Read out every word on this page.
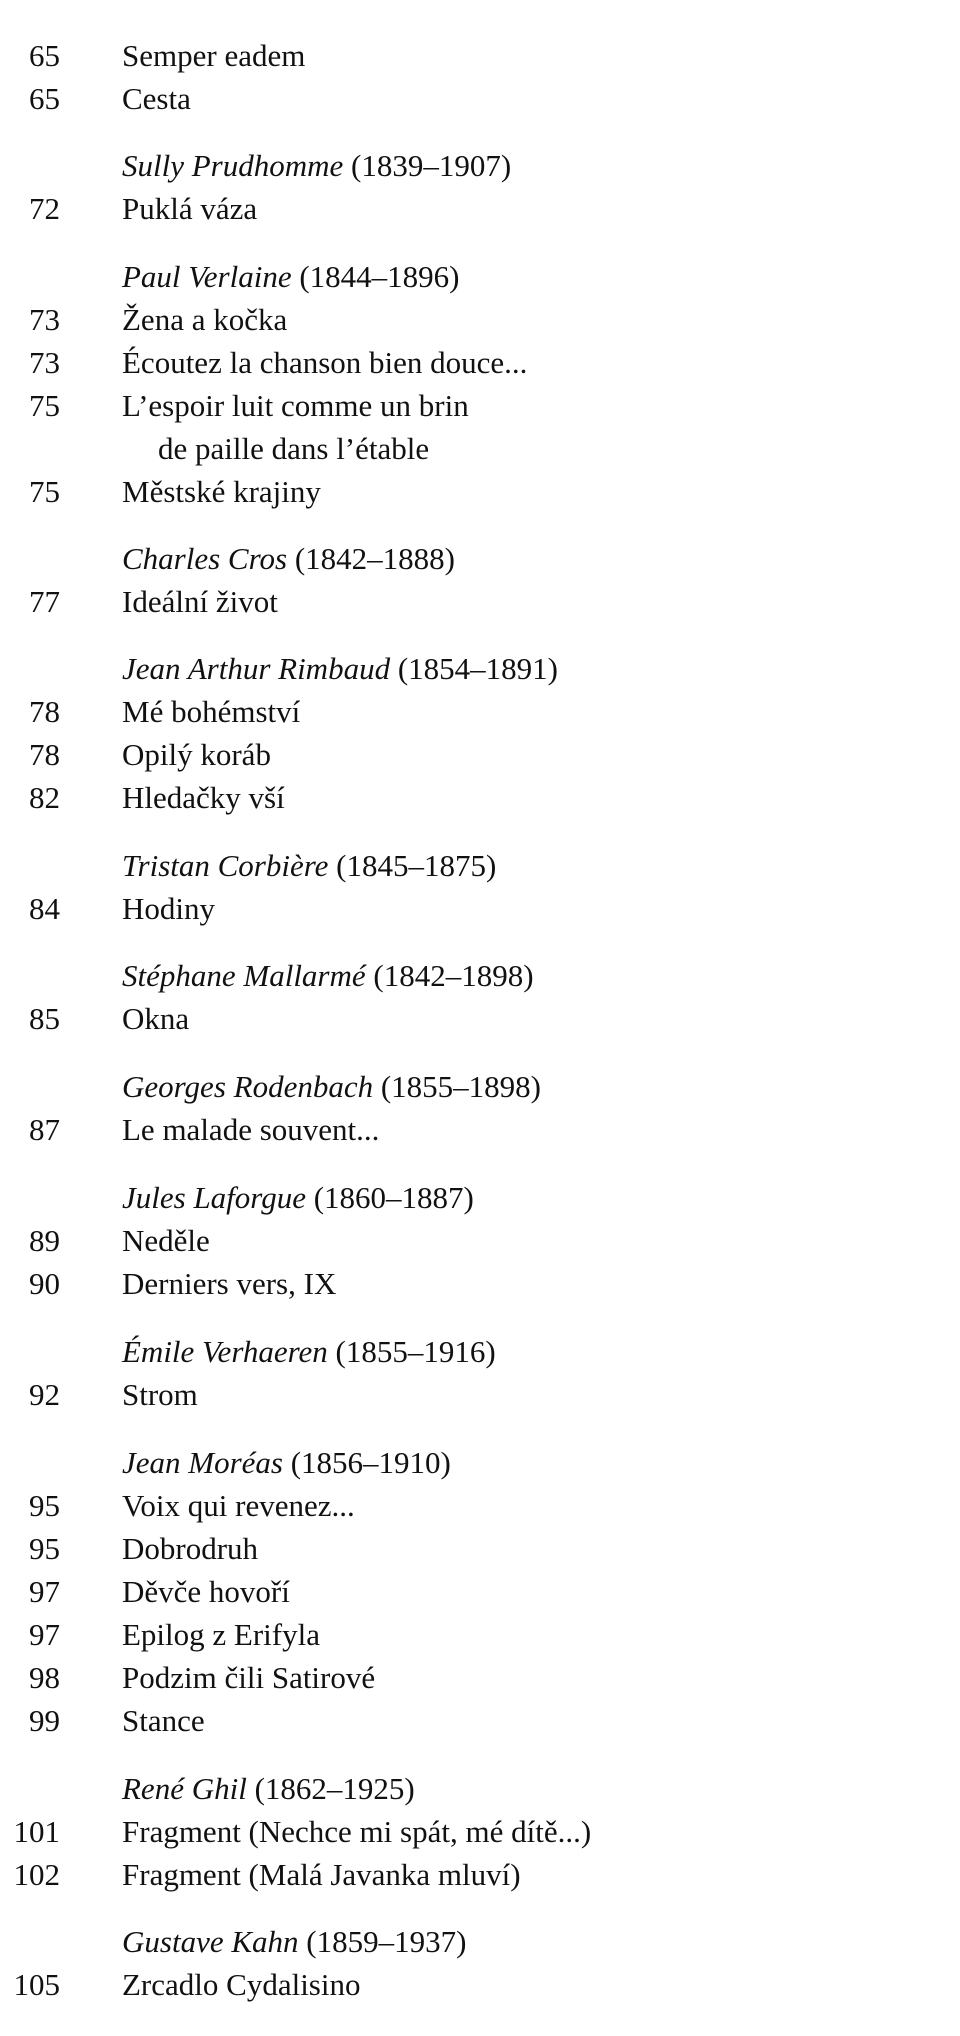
65 Semper eadem
65 Cesta
Sully Prudhomme (1839–1907)
72 Puklá váza
Paul Verlaine (1844–1896)
73 Žena a kočka
73 Écoutez la chanson bien douce...
75 L’espoir luit comme un brin
de paille dans l’étable
75 Městské krajiny
Charles Cros (1842–1888)
77 Ideální život
Jean Arthur Rimbaud (1854–1891)
78 Mé bohémství
78 Opilý koráb
82 Hledačky vší
Tristan Corbière (1845–1875)
84 Hodiny
Stéphane Mallarmé (1842–1898)
85 Okna
Georges Rodenbach (1855–1898)
87 Le malade souvent...
Jules Laforgue (1860–1887)
89 Neděle
90 Derniers vers, IX
Émile Verhaeren (1855–1916)
92 Strom
Jean Moréas (1856–1910)
95 Voix qui revenez...
95 Dobrodruh
97 Děvče hovoří
97 Epilog z Erifyla
98 Podzim čili Satirové
99 Stance
René Ghil (1862–1925)
101 Fragment (Nechce mi spát, mé dítě...)
102 Fragment (Malá Javanka mluví)
Gustave Kahn (1859–1937)
105 Zrcadlo Cydalisino
